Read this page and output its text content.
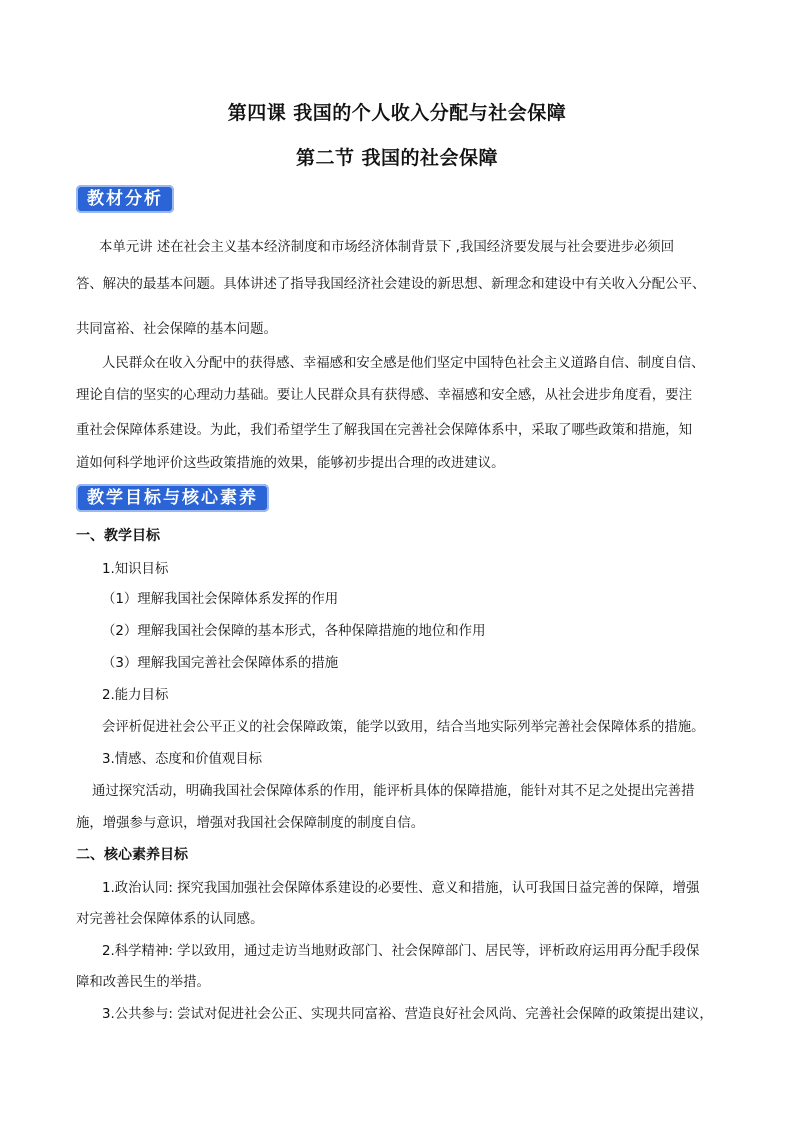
第四课 我国的个人收入分配与社会保障
第二节 我国的社会保障
教材分析

本单元讲 述在社会主义基本经济制度和市场经济体制背景下 ,我国经济要发展与社会要进步必须回

答、解决的最基本问题。具体讲述了指导我国经济社会建设的新思想、新理念和建设中有关收入分配公平、

共同富裕、社会保障的基本问题。

人民群众在收入分配中的获得感、幸福感和安全感是他们坚定中国特色社会主义道路自信、制度自信、

理论自信的坚实的心理动力基础。要让人民群众具有获得感、幸福感和安全感，从社会进步角度看，要注

重社会保障体系建设。为此，我们希望学生了解我国在完善社会保障体系中，采取了哪些政策和措施，知

道如何科学地评价这些政策措施的效果，能够初步提出合理的改进建议。

教学目标与核心素养

一、教学目标

1.知识目标

（1）理解我国社会保障体系发挥的作用

（2）理解我国社会保障的基本形式，各种保障措施的地位和作用

（3）理解我国完善社会保障体系的措施

2.能力目标

会评析促进社会公平正义的社会保障政策，能学以致用，结合当地实际列举完善社会保障体系的措施。

3.情感、态度和价值观目标

通过探究活动，明确我国社会保障体系的作用，能评析具体的保障措施，能针对其不足之处提出完善措

施，增强参与意识，增强对我国社会保障制度的制度自信。

二、核心素养目标

1.政治认同: 探究我国加强社会保障体系建设的必要性、意义和措施，认可我国日益完善的保障，增强

对完善社会保障体系的认同感。

2.科学精神: 学以致用，通过走访当地财政部门、社会保障部门、居民等，评析政府运用再分配手段保

障和改善民生的举措。

3.公共参与: 尝试对促进社会公正、实现共同富裕、营造良好社会风尚、完善社会保障的政策提出建议，
